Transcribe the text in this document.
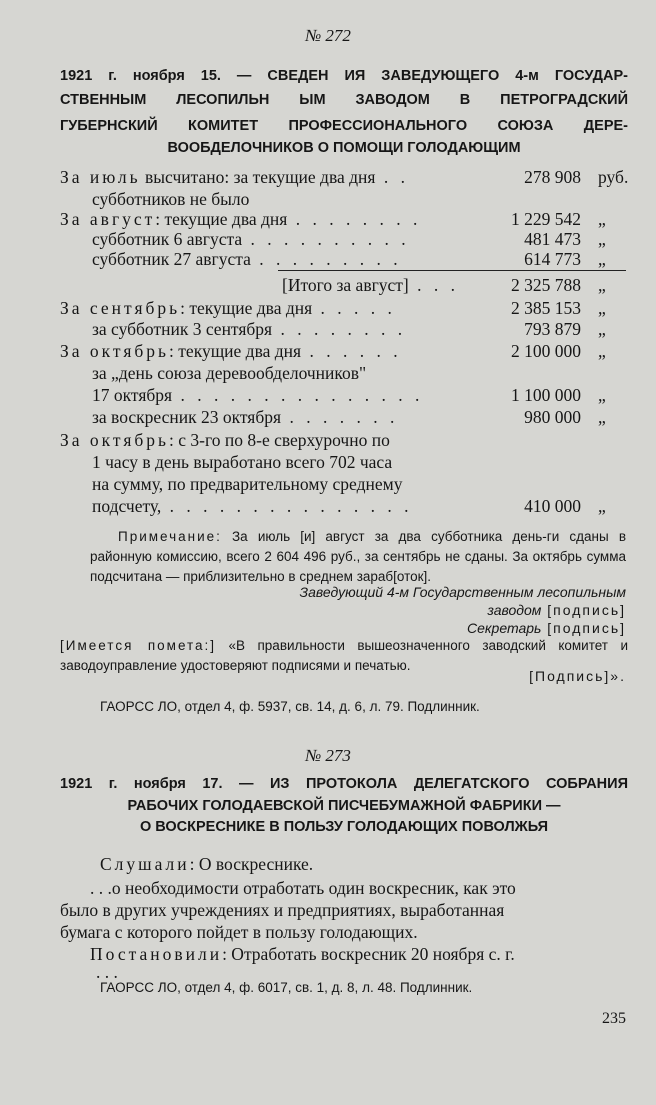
№ 272
1921 г. ноября 15. — СВЕДЕН ИЯ ЗАВЕДУЮЩЕГО 4-м ГОСУДАР-
СТВЕННЫМ ЛЕСОПИЛЬН ЫМ ЗАВОДОМ В ПЕТРОГРАДСКИЙ
ГУБЕРНСКИЙ КОМИТЕТ ПРОФЕССИОНАЛЬНОГО СОЮЗА ДЕРЕ-
ВООБДЕЛОЧНИКОВ О ПОМОЩИ ГОЛОДАЮЩИМ
За июль высчитано: за текущие два дня . .	278 908 руб.
субботников не было
За август: текущие два дня . . . . . . . .	1 229 542 „
субботник 6 августа . . . . . . . . . .	481 473 „
субботник 27 августа . . . . . . . . .	614 773 „
[Итого за август] . . .	2 325 788 „
За сентябрь: текущие два дня . . . . .	2 385 153 „
за субботник 3 сентября . . . . . . . .	793 879 „
За октябрь: текущие два дня . . . . . .	2 100 000 „
за „день союза деревообделочников"
17 октября . . . . . . . . . . . . . . .	1 100 000 „
за воскресник 23 октября . . . . . . .	980 000 „
За октябрь: с 3-го по 8-е сверхурочно по
1 часу в день выработано всего 702 часа
на сумму, по предварительному среднему
подсчету, . . . . . . . . . . . . . . .	410 000 „
Примечание: За июль [и] август за два субботника день-ги сданы в районную комиссию, всего 2 604 496 руб., за сентябрь не сданы. За октябрь сумма подсчитана — приблизительно в среднем зараб[оток].
Заведующий 4-м Государственным лесопильным
заводом [подпись]
Секретарь [подпись]
[Имеется помета:] «В правильности вышеозначенного заводский комитет и заводоуправление удостоверяют подписями и печатью.
[Подпись]».
ГАОРСС ЛО, отдел 4, ф. 5937, св. 14, д. 6, л. 79. Подлинник.
№ 273
1921 г. ноября 17. — ИЗ ПРОТОКОЛА ДЕЛЕГАТСКОГО СОБРАНИЯ
РАБОЧИХ ГОЛОДАЕВСКОЙ ПИСЧЕБУМАЖНОЙ ФАБРИКИ —
О ВОСКРЕСНИКЕ В ПОЛЬЗУ ГОЛОДАЮЩИХ ПОВОЛЖЬЯ
Слушали: О воскреснике.
. . .о необходимости отработать один воскресник, как это
было в других учреждениях и предприятиях, выработанная
бумага с которого пойдет в пользу голодающих.
Постановили: Отработать воскресник 20 ноября с. г.
. . .
ГАОРСС ЛО, отдел 4, ф. 6017, св. 1, д. 8, л. 48. Подлинник.
235
